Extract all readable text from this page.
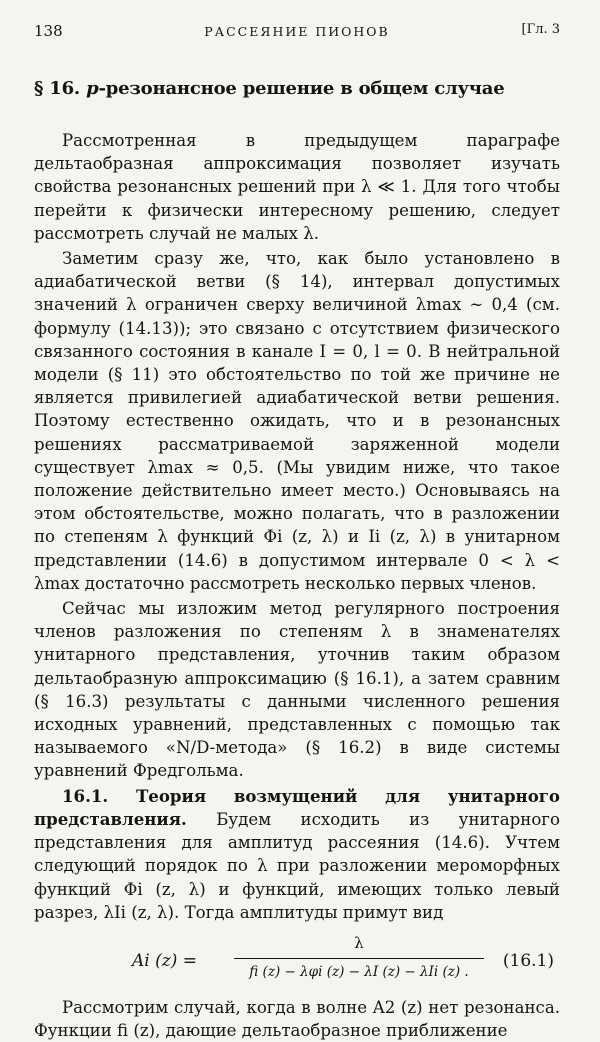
138	РАССЕЯНИЕ ПИОНОВ	[Гл. 3
§ 16. p-резонансное решение в общем случае

Рассмотренная в предыдущем параграфе дельтаобразная аппроксимация позволяет изучать свойства резонансных решений при λ ≪ 1. Для того чтобы перейти к физически интересному решению, следует рассмотреть случай не малых λ.

Заметим сразу же, что, как было установлено в адиабатической ветви (§ 14), интервал допустимых значений λ ограничен сверху величиной λmax ∼ 0,4 (см. формулу (14.13)); это связано с отсутствием физического связанного состояния в канале I = 0, l = 0. В нейтральной модели (§ 11) это обстоятельство по той же причине не является привилегией адиабатической ветви решения. Поэтому естественно ожидать, что и в резонансных решениях рассматриваемой заряженной модели существует λmax ≈ 0,5. (Мы увидим ниже, что такое положение действительно имеет место.) Основываясь на этом обстоятельстве, можно полагать, что в разложении по степеням λ функций Φi (z, λ) и Ii (z, λ) в унитарном представлении (14.6) в допустимом интервале 0 < λ < λmax достаточно рассмотреть несколько первых членов.

Сейчас мы изложим метод регулярного построения членов разложения по степеням λ в знаменателях унитарного представления, уточнив таким образом дельтаобразную аппроксимацию (§ 16.1), а затем сравним (§ 16.3) результаты с данными численного решения исходных уравнений, представленных с помощью так называемого «N/D-метода» (§ 16.2) в виде системы уравнений Фредгольма.

16.1. Теория возмущений для унитарного представления. Будем исходить из унитарного представления для амплитуд рассеяния (14.6). Учтем следующий порядок по λ при разложении мероморфных функций Φi (z, λ) и функций, имеющих только левый разрез, λIi (z, λ). Тогда амплитуды примут вид

Ai $(z) = \frac{\lambda}{\text{fi (z) − λφi (z) − λI (z) − λIi (z) .}} (16.1)$

Рассмотрим случай, когда в волне A2 (z) нет резонанса. Функции fi (z), дающие дельтаобразное приближение
